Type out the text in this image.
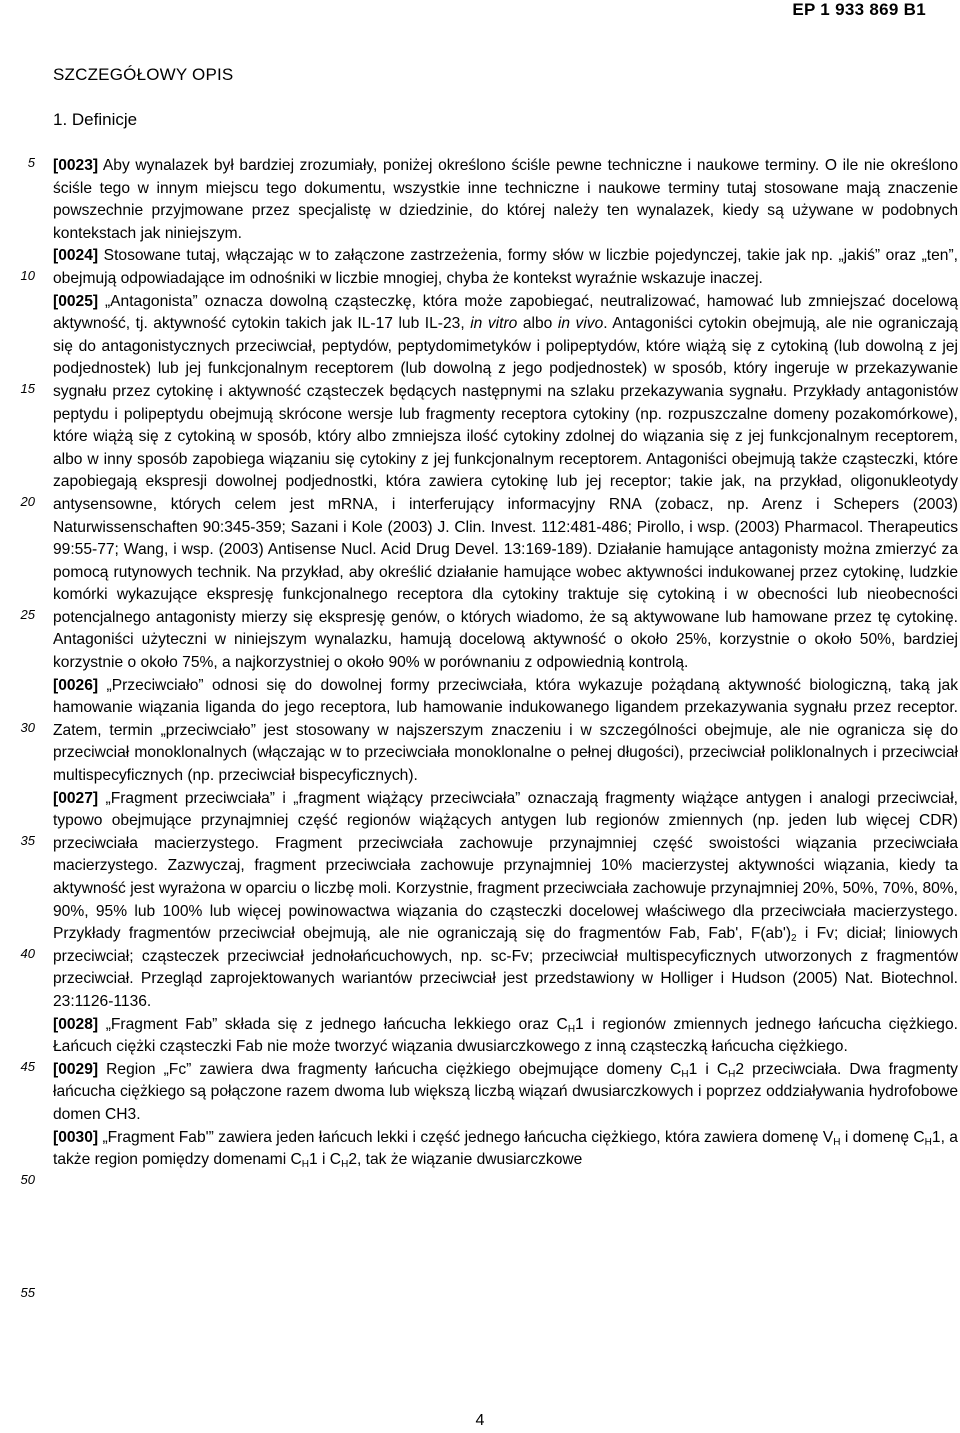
EP 1 933 869 B1
SZCZEGÓŁOWY OPIS
1. Definicje
5
10
15
20
25
30
35
40
45
50
55

[0023] Aby wynalazek był bardziej zrozumiały, poniżej określono ściśle pewne techniczne i naukowe terminy. O ile nie określono ściśle tego w innym miejscu tego dokumentu, wszystkie inne techniczne i naukowe terminy tutaj stosowane mają znaczenie powszechnie przyjmowane przez specjalistę w dziedzinie, do której należy ten wynalazek, kiedy są używane w podobnych kontekstach jak niniejszym.

[0024] Stosowane tutaj, włączając w to załączone zastrzeżenia, formy słów w liczbie pojedynczej, takie jak np. „jakiś” oraz „ten”, obejmują odpowiadające im odnośniki w liczbie mnogiej, chyba że kontekst wyraźnie wskazuje inaczej.

[0025] „Antagonista” oznacza dowolną cząsteczkę, która może zapobiegać, neutralizować, hamować lub zmniejszać docelową aktywność, tj. aktywność cytokin takich jak IL-17 lub IL-23, in vitro albo in vivo. Antagoniści cytokin obejmują, ale nie ograniczają się do antagonistycznych przeciwciał, peptydów, peptydomimetyków i polipeptydów, które wiążą się z cytokiną (lub dowolną z jej podjednostek) lub jej funkcjonalnym receptorem (lub dowolną z jego podjednostek) w sposób, który ingeruje w przekazywanie sygnału przez cytokinę i aktywność cząsteczek będących następnymi na szlaku przekazywania sygnału. Przykłady antagonistów peptydu i polipeptydu obejmują skrócone wersje lub fragmenty receptora cytokiny (np. rozpuszczalne domeny pozakomórkowe), które wiążą się z cytokiną w sposób, który albo zmniejsza ilość cytokiny zdolnej do wiązania się z jej funkcjonalnym receptorem, albo w inny sposób zapobiega wiązaniu się cytokiny z jej funkcjonalnym receptorem. Antagoniści obejmują także cząsteczki, które zapobiegają ekspresji dowolnej podjednostki, która zawiera cytokinę lub jej receptor; takie jak, na przykład, oligonukleotydy antysensowne, których celem jest mRNA, i interferujący informacyjny RNA (zobacz, np. Arenz i Schepers (2003) Naturwissenschaften 90:345-359; Sazani i Kole (2003) J. Clin. Invest. 112:481-486; Pirollo, i wsp. (2003) Pharmacol. Therapeutics 99:55-77; Wang, i wsp. (2003) Antisense Nucl. Acid Drug Devel. 13:169-189). Działanie hamujące antagonisty można zmierzyć za pomocą rutynowych technik. Na przykład, aby określić działanie hamujące wobec aktywności indukowanej przez cytokinę, ludzkie komórki wykazujące ekspresję funkcjonalnego receptora dla cytokiny traktuje się cytokiną i w obecności lub nieobecności potencjalnego antagonisty mierzy się ekspresję genów, o których wiadomo, że są aktywowane lub hamowane przez tę cytokinę. Antagoniści użyteczni w niniejszym wynalazku, hamują docelową aktywność o około 25%, korzystnie o około 50%, bardziej korzystnie o około 75%, a najkorzystniej o około 90% w porównaniu z odpowiednią kontrolą.

[0026] „Przeciwciało” odnosi się do dowolnej formy przeciwciała, która wykazuje pożądaną aktywność biologiczną, taką jak hamowanie wiązania liganda do jego receptora, lub hamowanie indukowanego ligandem przekazywania sygnału przez receptor. Zatem, termin „przeciwciało” jest stosowany w najszerszym znaczeniu i w szczególności obejmuje, ale nie ogranicza się do przeciwciał monoklonalnych (włączając w to przeciwciała monoklonalne o pełnej długości), przeciwciał poliklonalnych i przeciwciał multispecyficznych (np. przeciwciał bispecyficznych).

[0027] „Fragment przeciwciała” i „fragment wiążący przeciwciała” oznaczają fragmenty wiążące antygen i analogi przeciwciał, typowo obejmujące przynajmniej część regionów wiążących antygen lub regionów zmiennych (np. jeden lub więcej CDR) przeciwciała macierzystego. Fragment przeciwciała zachowuje przynajmniej część swoistości wiązania przeciwciała macierzystego. Zazwyczaj, fragment przeciwciała zachowuje przynajmniej 10% macierzystej aktywności wiązania, kiedy ta aktywność jest wyrażona w oparciu o liczbę moli. Korzystnie, fragment przeciwciała zachowuje przynajmniej 20%, 50%, 70%, 80%, 90%, 95% lub 100% lub więcej powinowactwa wiązania do cząsteczki docelowej właściwego dla przeciwciała macierzystego. Przykłady fragmentów przeciwciał obejmują, ale nie ograniczają się do fragmentów Fab, Fab', $F(ab')_2$ i Fv; diciał; liniowych przeciwciał; cząsteczek przeciwciał jednołańcuchowych, np. sc-Fv; przeciwciał multispecyficznych utworzonych z fragmentów przeciwciał. Przegląd zaprojektowanych wariantów przeciwciał jest przedstawiony w Holliger i Hudson (2005) Nat. Biotechnol. 23:1126-1136.

[0028] „Fragment Fab” składa się z jednego łańcucha lekkiego oraz $C_H1$ i regionów zmiennych jednego łańcucha ciężkiego. Łańcuch ciężki cząsteczki Fab nie może tworzyć wiązania dwusiarczkowego z inną cząsteczką łańcucha ciężkiego.

[0029] Region „Fc” zawiera dwa fragmenty łańcucha ciężkiego obejmujące domeny $C_H1$ i $C_H2$ przeciwciała. Dwa fragmenty łańcucha ciężkiego są połączone razem dwoma lub większą liczbą wiązań dwusiarczkowych i poprzez oddziaływania hydrofobowe domen CH3.

[0030] „Fragment Fab'” zawiera jeden łańcuch lekki i część jednego łańcucha ciężkiego, która zawiera domenę $V_H$ i domenę $C_H1$, a także region pomiędzy domenami $C_H1$ i $C_H2$, tak że wiązanie dwusiarczkowe

4
